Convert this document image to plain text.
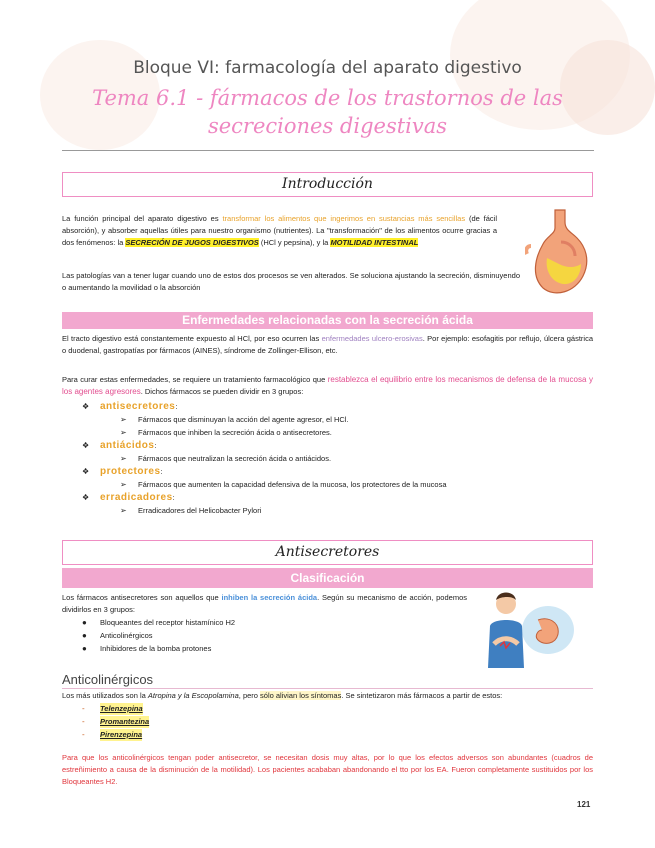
Bloque VI: farmacología del aparato digestivo
Tema 6.1 - fármacos de los trastornos de las secreciones digestivas
Introducción
La función principal del aparato digestivo es transformar los alimentos que ingerimos en sustancias más sencillas (de fácil absorción), y absorber aquellas útiles para nuestro organismo (nutrientes). La "transformación" de los alimentos ocurre gracias a dos fenómenos: la SECRECIÓN DE JUGOS DIGESTIVOS (HCl y pepsina), y la MOTILIDAD INTESTINAL
Las patologías van a tener lugar cuando uno de estos dos procesos se ven alterados. Se soluciona ajustando la secreción, disminuyendo o aumentando la movilidad o la absorción
Enfermedades relacionadas con la secreción ácida
El tracto digestivo está constantemente expuesto al HCl, por eso ocurren las enfermedades ulcero-erosivas. Por ejemplo: esofagitis por reflujo, úlcera gástrica o duodenal, gastropatías por fármacos (AINES), síndrome de Zollinger-Ellison, etc.
Para curar estas enfermedades, se requiere un tratamiento farmacológico que restablezca el equilibrio entre los mecanismos de defensa de la mucosa y los agentes agresores. Dichos fármacos se pueden dividir en 3 grupos:
❖ antisecretores:
➢ Fármacos que disminuyan la acción del agente agresor, el HCl.
➢ Fármacos que inhiben la secreción ácida o antisecretores.
❖ antiácidos:
➢ Fármacos que neutralizan la secreción ácida o antiácidos.
❖ protectores:
➢ Fármacos que aumenten la capacidad defensiva de la mucosa, los protectores de la mucosa
❖ erradicadores:
➢ Erradicadores del Helicobacter Pylori
Antisecretores
Clasificación
Los fármacos antisecretores son aquellos que inhiben la secreción ácida. Según su mecanismo de acción, podemos dividirlos en 3 grupos:
● Bloqueantes del receptor histamínico H2
● Anticolinérgicos
● Inhibidores de la bomba protones
Anticolinérgicos
Los más utilizados son la Atropina y la Escopolamina, pero sólo alivian los síntomas. Se sintetizaron más fármacos a partir de estos:
- Telenzepina
- Promantezina
- Pirenzepina
Para que los anticolinérgicos tengan poder antisecretor, se necesitan dosis muy altas, por lo que los efectos adversos son abundantes (cuadros de estreñimiento a causa de la disminución de la motilidad). Los pacientes acababan abandonando el tto por los EA. Fueron completamente sustituidos por los Bloqueantes H2.
121
